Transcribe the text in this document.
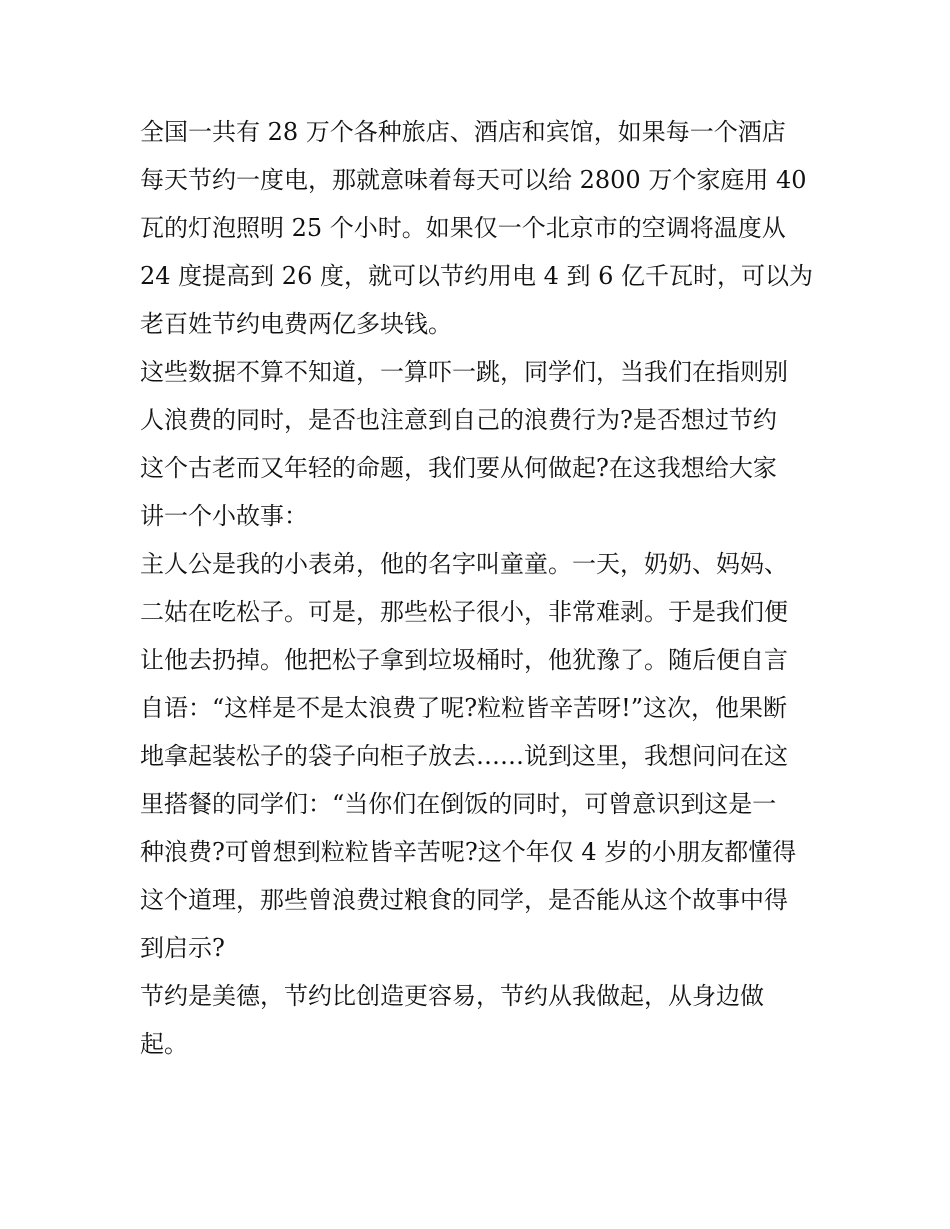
全国一共有 28 万个各种旅店、酒店和宾馆，如果每一个酒店
每天节约一度电，那就意味着每天可以给 2800 万个家庭用 40
瓦的灯泡照明 25 个小时。如果仅一个北京市的空调将温度从
24 度提高到 26 度，就可以节约用电 4 到 6 亿千瓦时，可以为
老百姓节约电费两亿多块钱。
这些数据不算不知道，一算吓一跳，同学们，当我们在指则别
人浪费的同时，是否也注意到自己的浪费行为?是否想过节约
这个古老而又年轻的命题，我们要从何做起?在这我想给大家
讲一个小故事：
主人公是我的小表弟，他的名字叫童童。一天，奶奶、妈妈、
二姑在吃松子。可是，那些松子很小，非常难剥。于是我们便
让他去扔掉。他把松子拿到垃圾桶时，他犹豫了。随后便自言
自语：“这样是不是太浪费了呢?粒粒皆辛苦呀!”这次，他果断
地拿起装松子的袋子向柜子放去……说到这里，我想问问在这
里搭餐的同学们：“当你们在倒饭的同时，可曾意识到这是一
种浪费?可曾想到粒粒皆辛苦呢?这个年仅 4 岁的小朋友都懂得
这个道理，那些曾浪费过粮食的同学，是否能从这个故事中得
到启示?
节约是美德，节约比创造更容易，节约从我做起，从身边做
起。
